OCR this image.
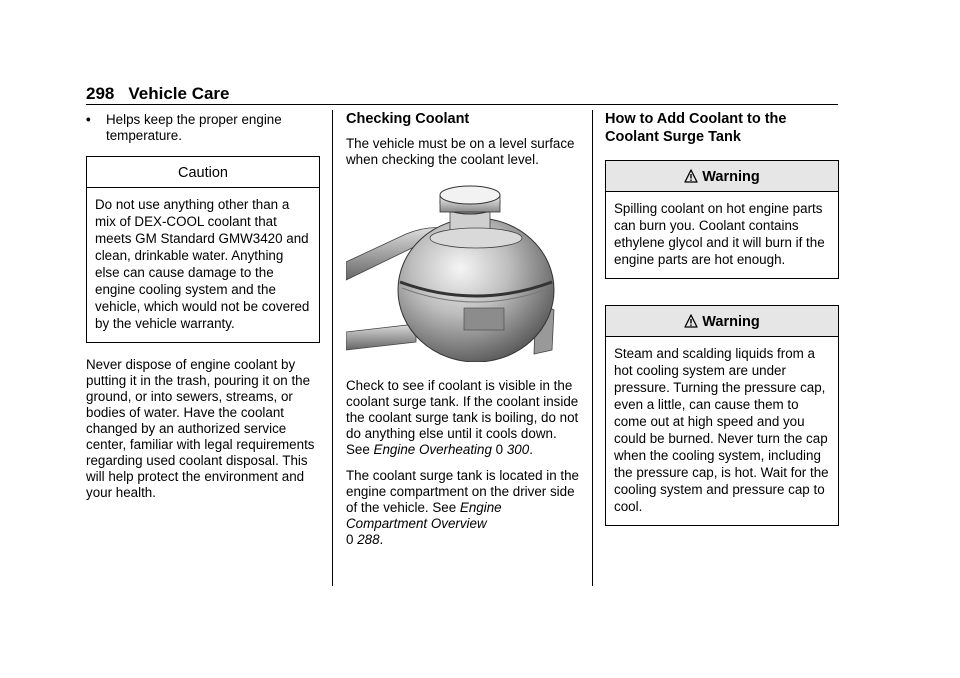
298 Vehicle Care
•	Helps keep the proper engine temperature.
Caution
Do not use anything other than a mix of DEX-COOL coolant that meets GM Standard GMW3420 and clean, drinkable water. Anything else can cause damage to the engine cooling system and the vehicle, which would not be covered by the vehicle warranty.
Never dispose of engine coolant by putting it in the trash, pouring it on the ground, or into sewers, streams, or bodies of water. Have the coolant changed by an authorized service center, familiar with legal requirements regarding used coolant disposal. This will help protect the environment and your health.
Checking Coolant
The vehicle must be on a level surface when checking the coolant level.
Check to see if coolant is visible in the coolant surge tank. If the coolant inside the coolant surge tank is boiling, do not do anything else until it cools down. See Engine Overheating 0 300.
The coolant surge tank is located in the engine compartment on the driver side of the vehicle. See Engine Compartment Overview
0 288.
How to Add Coolant to the Coolant Surge Tank
Warning
Spilling coolant on hot engine parts can burn you. Coolant contains ethylene glycol and it will burn if the engine parts are hot enough.
Warning
Steam and scalding liquids from a hot cooling system are under pressure. Turning the pressure cap, even a little, can cause them to come out at high speed and you could be burned. Never turn the cap when the cooling system, including the pressure cap, is hot. Wait for the cooling system and pressure cap to cool.
